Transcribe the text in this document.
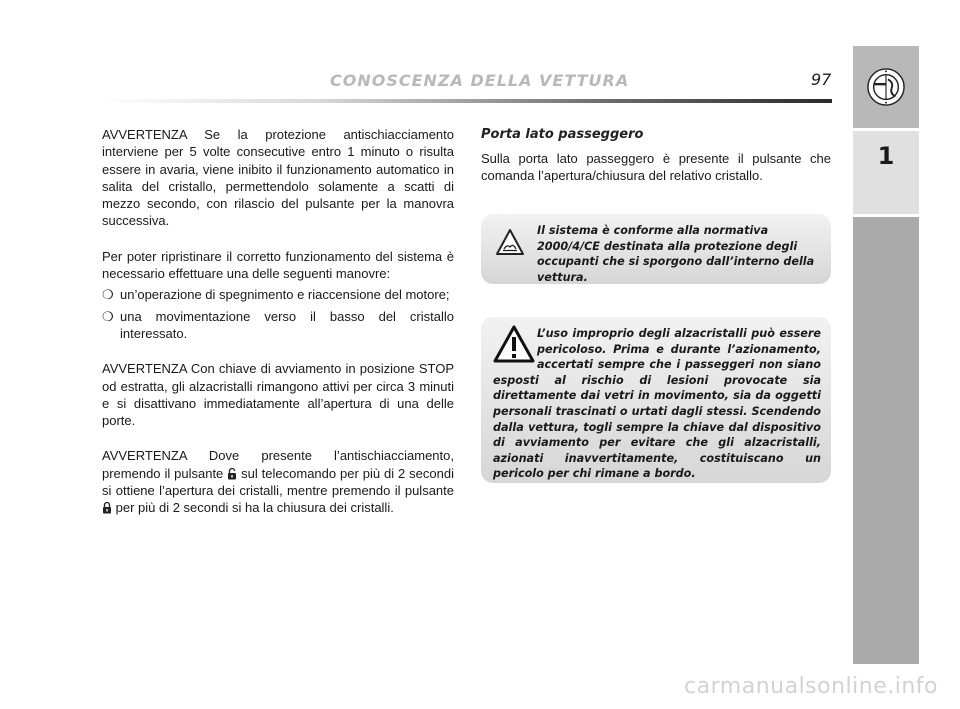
CONOSCENZA DELLA VETTURA	97
1

AVVERTENZA Se la protezione antischiacciamento interviene per 5 volte consecutive entro 1 minuto o risulta essere in avaria, viene inibito il funzionamento automatico in salita del cristallo, permettendolo solamente a scatti di mezzo secondo, con rilascio del pulsante per la manovra successiva.

Per poter ripristinare il corretto funzionamento del sistema è necessario effettuare una delle seguenti manovre:

❍ un’operazione di spegnimento e riaccensione del motore;
❍ una movimentazione verso il basso del cristallo interessato.

AVVERTENZA Con chiave di avviamento in posizione STOP od estratta, gli alzacristalli rimangono attivi per circa 3 minuti e si disattivano immediatamente all’apertura di una delle porte.

AVVERTENZA Dove presente l’antischiacciamento, premendo il pulsante sul telecomando per più di 2 secondi si ottiene l’apertura dei cristalli, mentre premendo il pulsante  per più di 2 secondi si ha la chiusura dei cristalli.

Porta lato passeggero
Sulla porta lato passeggero è presente il pulsante che comanda l’apertura/chiusura del relativo cristallo.
Il sistema è conforme alla normativa 2000/4/CE destinata alla protezione degli occupanti che si sporgono dall’interno della vettura.
L’uso improprio degli alzacristalli può essere pericoloso. Prima e durante l’azionamento, accertati sempre che i passeggeri non siano esposti al rischio di lesioni provocate sia direttamente dai vetri in movimento, sia da oggetti personali trascinati o urtati dagli stessi. Scendendo dalla vettura, togli sempre la chiave dal dispositivo di avviamento per evitare che gli alzacristalli, azionati inavvertitamente, costituiscano un pericolo per chi rimane a bordo.
carmanualsonline.info
